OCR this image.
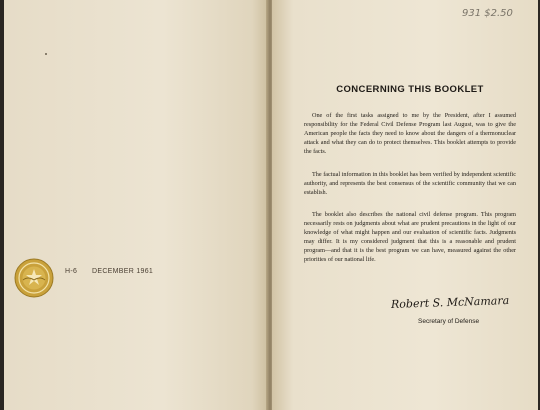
H-6 DECEMBER 1961
931 $2.50
CONCERNING THIS BOOKLET

One of the first tasks assigned to me by the President, after I assumed responsibility for the Federal Civil Defense Program last August, was to give the American people the facts they need to know about the dangers of a thermonuclear attack and what they can do to protect themselves. This booklet attempts to provide the facts.

The factual information in this booklet has been verified by independent scientific authority, and represents the best consensus of the scientific community that we can establish.

The booklet also describes the national civil defense program. This program necessarily rests on judgments about what are prudent precautions in the light of our knowledge of what might happen and our evaluation of scientific facts. Judgments may differ. It is my considered judgment that this is a reasonable and prudent program—and that it is the best program we can have, measured against the other priorities of our national life.

Robert S. McNamara
Secretary of Defense
